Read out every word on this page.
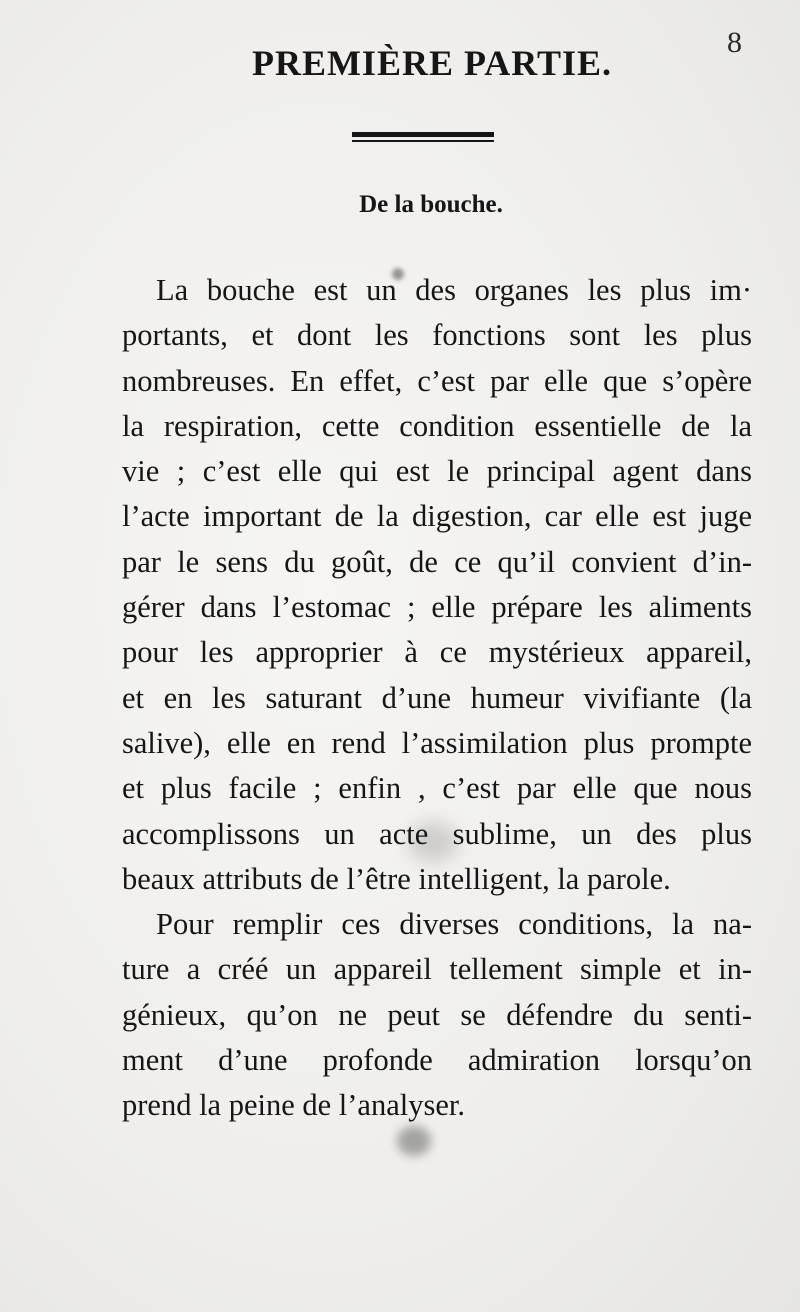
8
PREMIÈRE PARTIE.
De la bouche.

La bouche est un des organes les plus im·
portants, et dont les fonctions sont les plus
nombreuses. En effet, c’est par elle que s’opère
la respiration, cette condition essentielle de la
vie ; c’est elle qui est le principal agent dans
l’acte important de la digestion, car elle est juge
par le sens du goût, de ce qu’il convient d’in-
gérer dans l’estomac ; elle prépare les aliments
pour les approprier à ce mystérieux appareil,
et en les saturant d’une humeur vivifiante (la
salive), elle en rend l’assimilation plus prompte
et plus facile ; enfin , c’est par elle que nous
accomplissons un acte sublime, un des plus
beaux attributs de l’être intelligent, la parole.

Pour remplir ces diverses conditions, la na-
ture a créé un appareil tellement simple et in-
génieux, qu’on ne peut se défendre du senti-
ment d’une profonde admiration lorsqu’on
prend la peine de l’analyser.
